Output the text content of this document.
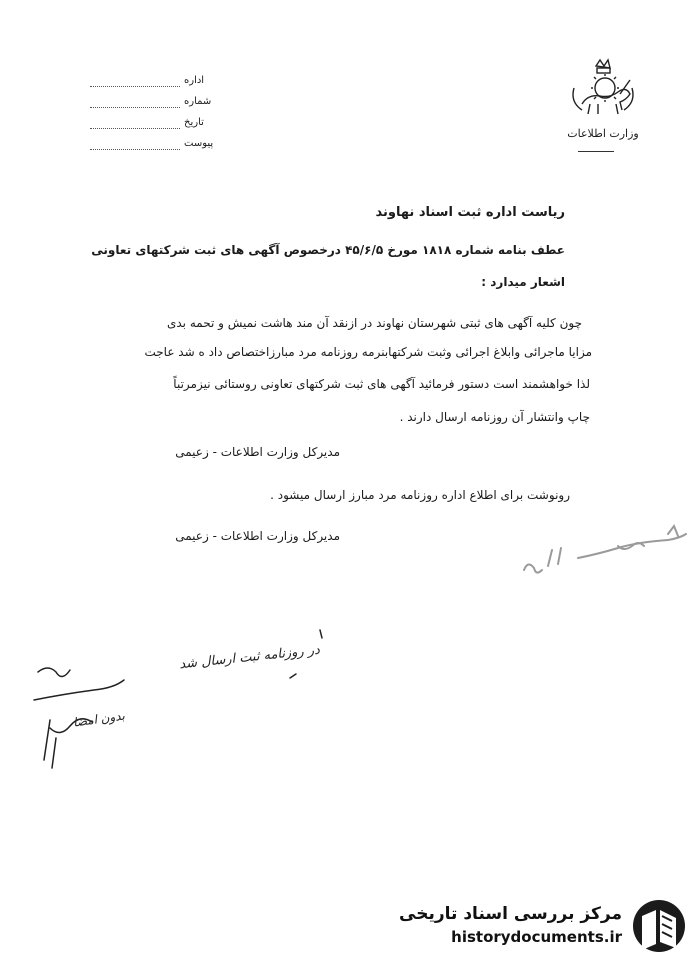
اداره
شماره
تاریخ
پیوست
وزارت اطلاعات
ریاست اداره ثبت اسناد نهاوند
عطف بنامه شماره ۱۸۱۸ مورخ ۴۵/۶/۵ درخصوص آگهی های ثبت شرکتهای تعاونی
اشعار میدارد :
چون کلیه آگهی های ثبتی شهرستان نهاوند در ازنقد آن مند هاشت نمیش و تحمه بدی
مزایا ماجرائی وابلاغ اجرائی وثبت شرکتهابنرمه روزنامه مرد مبارزاختصاص داد ه شد عاجت
لذا خواهشمند است دستور فرمائید آگهی های ثبت شرکتهای تعاونی روستائی نیزمرتباً
چاپ وانتشار آن روزنامه ارسال دارند .
مدیرکل وزارت اطلاعات - زعیمی
رونوشت برای اطلاع اداره روزنامه مرد مبارز ارسال میشود .
مدیرکل وزارت اطلاعات - زعیمی
در روزنامه ثبت ارسال شد
بدون امضا
مرکز بررسی اسناد تاریخی
historydocuments.ir
